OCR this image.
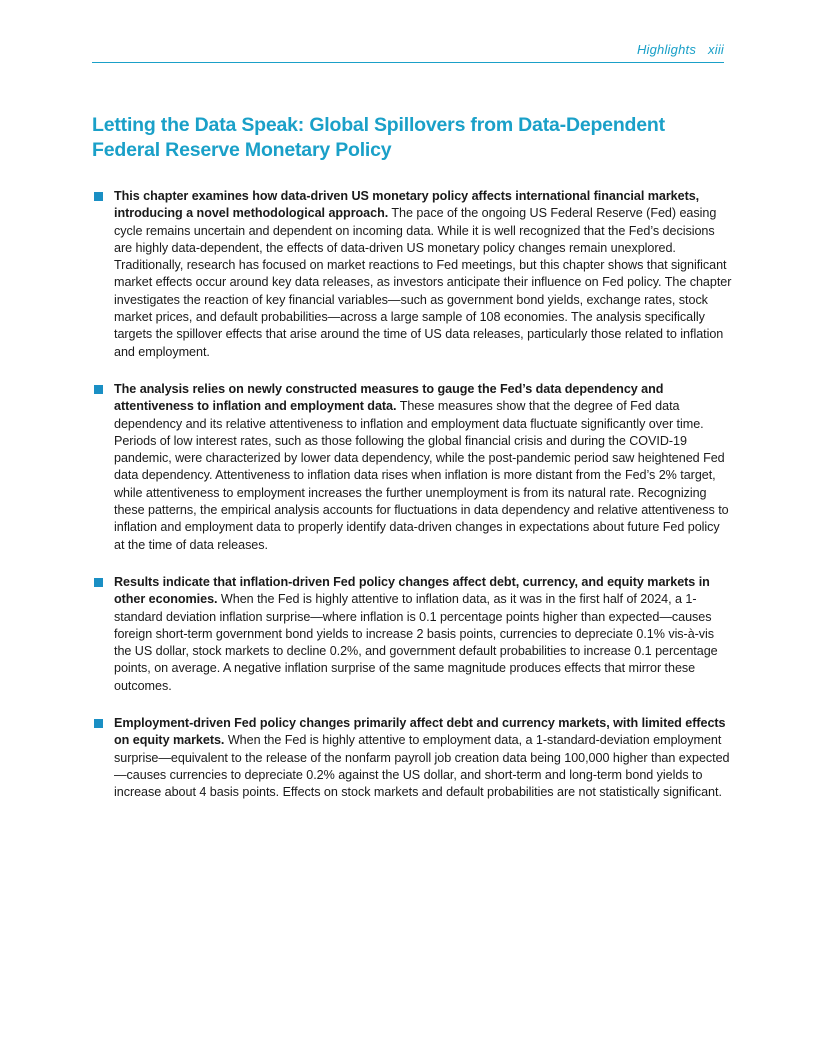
Highlights xiii
Letting the Data Speak: Global Spillovers from Data-Dependent Federal Reserve Monetary Policy
This chapter examines how data-driven US monetary policy affects international financial markets, introducing a novel methodological approach. The pace of the ongoing US Federal Reserve (Fed) easing cycle remains uncertain and dependent on incoming data. While it is well recognized that the Fed’s decisions are highly data-dependent, the effects of data-driven US monetary policy changes remain unexplored. Traditionally, research has focused on market reactions to Fed meetings, but this chapter shows that significant market effects occur around key data releases, as investors anticipate their influence on Fed policy. The chapter investigates the reaction of key financial variables—such as government bond yields, exchange rates, stock market prices, and default probabilities—across a large sample of 108 economies. The analysis specifically targets the spillover effects that arise around the time of US data releases, particularly those related to inflation and employment.
The analysis relies on newly constructed measures to gauge the Fed’s data dependency and attentiveness to inflation and employment data. These measures show that the degree of Fed data dependency and its relative attentiveness to inflation and employment data fluctuate significantly over time. Periods of low interest rates, such as those following the global financial crisis and during the COVID-19 pandemic, were characterized by lower data dependency, while the post-pandemic period saw heightened Fed data dependency. Attentiveness to inflation data rises when inflation is more distant from the Fed’s 2% target, while attentiveness to employment increases the further unemployment is from its natural rate. Recognizing these patterns, the empirical analysis accounts for fluctuations in data dependency and relative attentiveness to inflation and employment data to properly identify data-driven changes in expectations about future Fed policy at the time of data releases.
Results indicate that inflation-driven Fed policy changes affect debt, currency, and equity markets in other economies. When the Fed is highly attentive to inflation data, as it was in the first half of 2024, a 1-standard deviation inflation surprise—where inflation is 0.1 percentage points higher than expected—causes foreign short-term government bond yields to increase 2 basis points, currencies to depreciate 0.1% vis-à-vis the US dollar, stock markets to decline 0.2%, and government default probabilities to increase 0.1 percentage points, on average. A negative inflation surprise of the same magnitude produces effects that mirror these outcomes.
Employment-driven Fed policy changes primarily affect debt and currency markets, with limited effects on equity markets. When the Fed is highly attentive to employment data, a 1-standard-deviation employment surprise—equivalent to the release of the nonfarm payroll job creation data being 100,000 higher than expected—causes currencies to depreciate 0.2% against the US dollar, and short-term and long-term bond yields to increase about 4 basis points. Effects on stock markets and default probabilities are not statistically significant.
